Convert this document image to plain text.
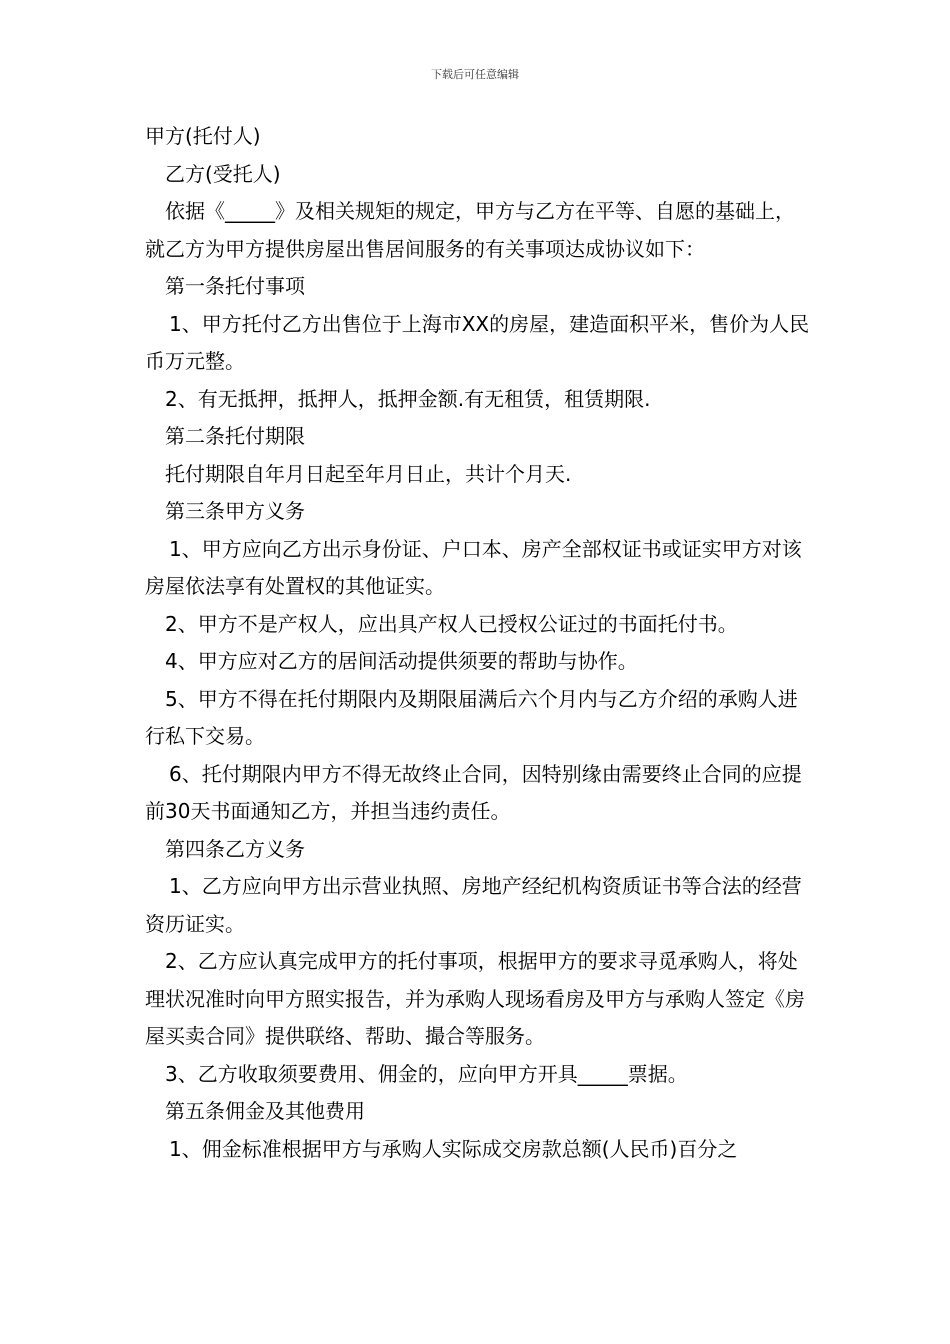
下载后可任意编辑

甲方(托付人)

乙方(受托人)

依据《_____》及相关规矩的规定，甲方与乙方在平等、自愿的基础上，就乙方为甲方提供房屋出售居间服务的有关事项达成协议如下：

第一条托付事项

1、甲方托付乙方出售位于上海市XX的房屋，建造面积平米，售价为人民币万元整。

2、有无抵押，抵押人，抵押金额.有无租赁，租赁期限.

第二条托付期限

托付期限自年月日起至年月日止，共计个月天.

第三条甲方义务

1、甲方应向乙方出示身份证、户口本、房产全部权证书或证实甲方对该房屋依法享有处置权的其他证实。

2、甲方不是产权人，应出具产权人已授权公证过的书面托付书。

4、甲方应对乙方的居间活动提供须要的帮助与协作。

5、甲方不得在托付期限内及期限届满后六个月内与乙方介绍的承购人进行私下交易。

6、托付期限内甲方不得无故终止合同，因特别缘由需要终止合同的应提前30天书面通知乙方，并担当违约责任。

第四条乙方义务

1、乙方应向甲方出示营业执照、房地产经纪机构资质证书等合法的经营资历证实。

2、乙方应认真完成甲方的托付事项，根据甲方的要求寻觅承购人，将处理状况准时向甲方照实报告，并为承购人现场看房及甲方与承购人签定《房屋买卖合同》提供联络、帮助、撮合等服务。

3、乙方收取须要费用、佣金的，应向甲方开具_____票据。

第五条佣金及其他费用

1、佣金标准根据甲方与承购人实际成交房款总额(人民币)百分之
